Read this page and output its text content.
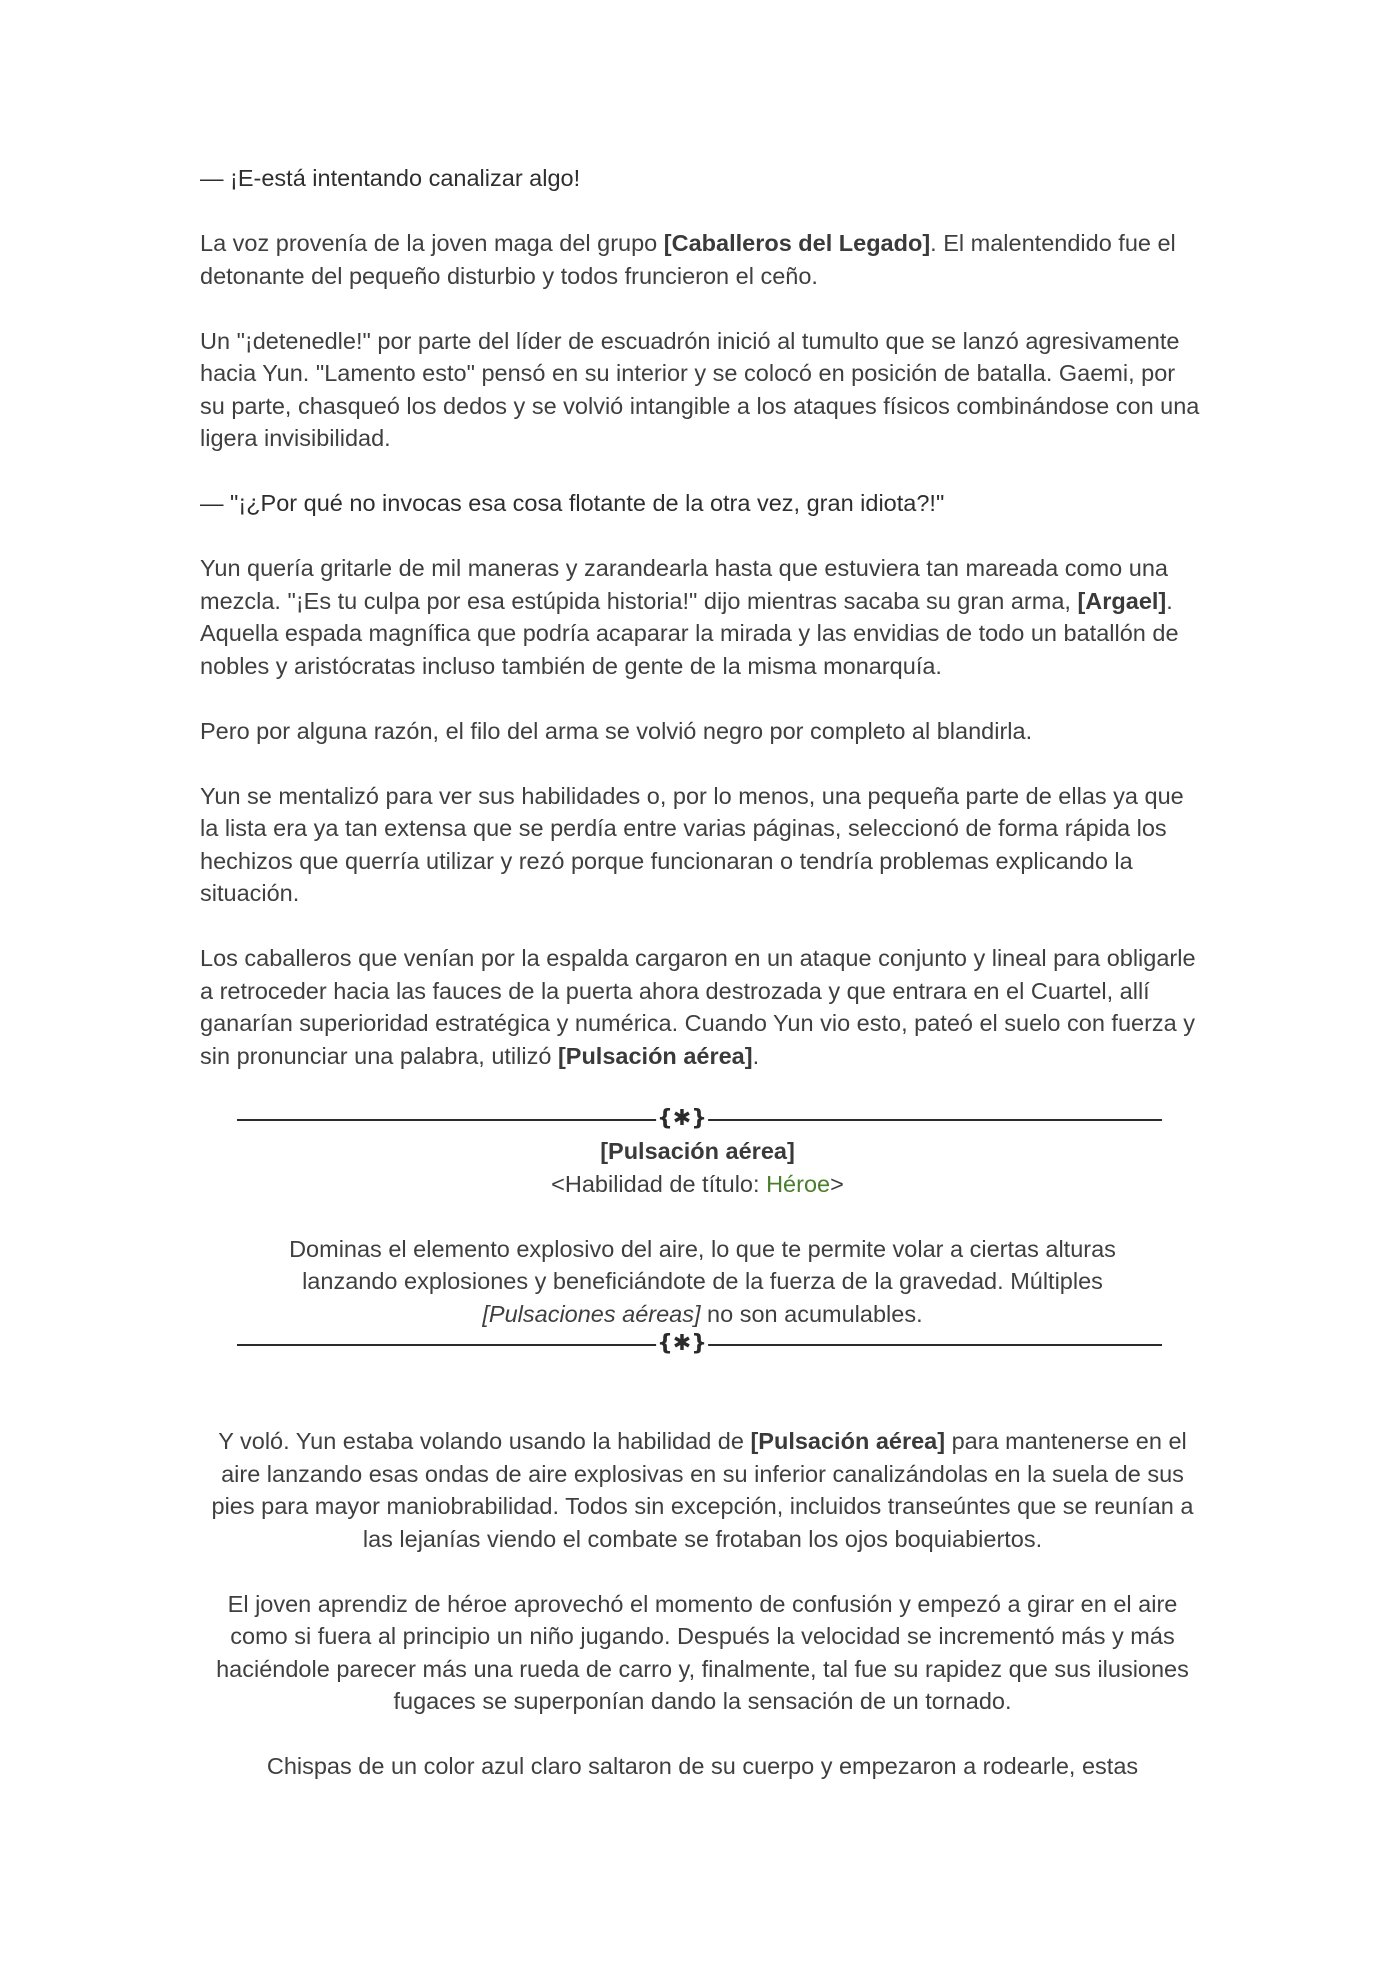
— ¡E-está intentando canalizar algo!

La voz provenía de la joven maga del grupo [Caballeros del Legado]. El malentendido fue el detonante del pequeño disturbio y todos fruncieron el ceño.

Un "¡detenedle!" por parte del líder de escuadrón inició al tumulto que se lanzó agresivamente hacia Yun. "Lamento esto" pensó en su interior y se colocó en posición de batalla. Gaemi, por su parte, chasqueó los dedos y se volvió intangible a los ataques físicos combinándose con una ligera invisibilidad.

— "¡¿Por qué no invocas esa cosa flotante de la otra vez, gran idiota?!"

Yun quería gritarle de mil maneras y zarandearla hasta que estuviera tan mareada como una mezcla. "¡Es tu culpa por esa estúpida historia!" dijo mientras sacaba su gran arma, [Argael]. Aquella espada magnífica que podría acaparar la mirada y las envidias de todo un batallón de nobles y aristócratas incluso también de gente de la misma monarquía.

Pero por alguna razón, el filo del arma se volvió negro por completo al blandirla.

Yun se mentalizó para ver sus habilidades o, por lo menos, una pequeña parte de ellas ya que la lista era ya tan extensa que se perdía entre varias páginas, seleccionó de forma rápida los hechizos que querría utilizar y rezó porque funcionaran o tendría problemas explicando la situación.

Los caballeros que venían por la espalda cargaron en un ataque conjunto y lineal para obligarle a retroceder hacia las fauces de la puerta ahora destrozada y que entrara en el Cuartel, allí ganarían superioridad estratégica y numérica. Cuando Yun vio esto, pateó el suelo con fuerza y sin pronunciar una palabra, utilizó [Pulsación aérea].

{✱}

[Pulsación aérea]

<Habilidad de título: Héroe>

Dominas el elemento explosivo del aire, lo que te permite volar a ciertas alturas lanzando explosiones y beneficiándote de la fuerza de la gravedad. Múltiples [Pulsaciones aéreas] no son acumulables.

{✱}

Y voló. Yun estaba volando usando la habilidad de [Pulsación aérea] para mantenerse en el aire lanzando esas ondas de aire explosivas en su inferior canalizándolas en la suela de sus pies para mayor maniobrabilidad. Todos sin excepción, incluidos transeúntes que se reunían a las lejanías viendo el combate se frotaban los ojos boquiabiertos.

El joven aprendiz de héroe aprovechó el momento de confusión y empezó a girar en el aire como si fuera al principio un niño jugando. Después la velocidad se incrementó más y más haciéndole parecer más una rueda de carro y, finalmente, tal fue su rapidez que sus ilusiones fugaces se superponían dando la sensación de un tornado.

Chispas de un color azul claro saltaron de su cuerpo y empezaron a rodearle, estas
